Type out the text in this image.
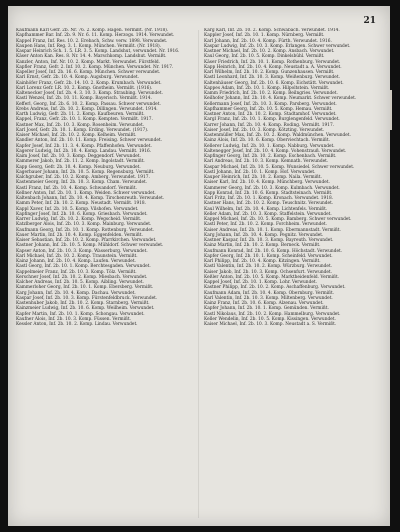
21
Kaufmann Karl Gefr. 2b. Nr. 76. 2. Komp. Hagen. Vermißt. (Nr. 1918).
Kapfhammer Bar. Inf. 2b. 9. Nr. 6. 11. Komp. Herzogs. 1914. Verwundet.
Kappel Franz, Inf. Res. 10. 2. Erebach, Schw. verw. 1898. Verwundet.
Kaupen Hans, Inf. Reg. 3. 1. Komp. München. Vermißt. (Nr. 1918).
Kaspar Heinrich Sch. 1. 5. LR. 3. 5. Komp. Landshut, verwundet. Nr. 1916.
Käser Anton Kan. Res. 8. Nr. 14. 4. Marschkomp. Landshut. Vermißt.
Kanzler, Anton, Inf. Nr. 10. 2. Komp. Markt. Verwundet. Fürstfeld.
Kapfler Franz, Gefr. 2. Inf. 10. 2. Komp. München. Verwundet. Nr. 1917.
Kapeller Josef, Inf. 2b. 16. 6. Komp. München. Schwer verwundet.
Karl Ernst, Gefr. 2b. 10. 4. Komp. Augsburg. Verwundet.
Kainhöfer Franz, Gefr. 2b. 14. 10. 2. Komp. Krumbach. Verwundet.
Karl Lorenz Gefr. LR. 10. 2. Komp. Gnotheim. Vermißt. (1916).
Kaltenecker Josef, Inf. 2b. 4. 3. 10. 3. Komp. Straubing. Verwundet.
Kastl Wenzel, Inf. 2b. 10. 11. Komp. Bayerisch. Vermißt. 1914.
Kefferl, Georg, Inf. 2b. 6. 10. 2. Komp. Passau. Schwer verwundet.
Krebs Andreas, Inf. 2b. 10. 2. Komp. Dillingen. Verwundet. 1914.
Karth Ludwig, Gefr. 2b. 11. 2. Komp. Kaufbeuren. Vermißt.
Kappel, Franz, Gefr. 2b. 10. 1. Komp. Kempten. Vermißt. 1917.
Kastner Max, Inf. 2b. 10. 3. Komp. Rosenheim. Verwundet.
Karl Josef, Gefr. 2b. 10. 1. Komp. Erding. Verwundet. (1917).
Kaiser Michael, Inf. 2b. 10. 2. Komp. Kelheim. Vermißt.
Kandler Anton, Inf. 2b. 10. 11. Komp. Freising. Schwer verwundet.
Kapfer Josef, Inf. 2b. 11. 3. 4. Komp. Pfaffenhofen. Verwundet.
Kagerer Ludwig, Inf. 2b. 10. 4. Komp. Landau. Vermißt. 1916.
Kaim Josef, Inf. 2b. 10. 3. Komp. Deggendorf. Verwundet.
Kammerer Jakob, Inf. 2b. 11. 2. Komp. Ingolstadt. Vermißt.
Kapp Georg, Gefr. 2b. 10. 4. Komp. Neuburg. Verwundet.
Kagerbauer Johann, Inf. 2b. 10. 5. Komp. Regensburg. Vermißt.
Kalchgruber, Inf. 2b. 10. 2. Komp. Amberg. Verwundet. 1917.
Kastenmeier Georg, Inf. 2b. 10. 3. Komp. Cham. Verwundet.
Kastl Franz, Inf. 2b. 10. 4. Komp. Schwandorf. Vermißt.
Kellner Anton, Inf. 2b. 10. 1. Komp. Weiden. Schwer verwundet.
Kaltenbach Johann, Inf. 2b. 10. 4. Komp. Tirschenreuth. Verwundet.
Kamm Peter, Inf. 2b. 10. 2. Komp. Neustadt. Vermißt. 1918.
Kappl Xaver, Inf. 2b. 10. 5. Komp. Vilshofen. Verwundet.
Kapfinger Josef, Inf. 2b. 10. 6. Komp. Griesbach. Verwundet.
Karrer Ludwig, Inf. 2b. 10. 2. Komp. Wegscheid. Vermißt.
Katzlberger Alois, Inf. 2b. 10. 3. Komp. Mainburg. Verwundet.
Kaufmann Georg, Inf. 2b. 10. 1. Komp. Rottenburg. Verwundet.
Kauer Martin, Inf. 2b. 10. 4. Komp. Eggenfelden. Vermißt.
Kaiser Sebastian, Inf. 2b. 10. 2. Komp. Pfarrkirchen. Verwundet.
Kastner Johann, Inf. 2b. 10. 5. Komp. Mühldorf. Schwer verwundet.
Kapser Anton, Inf. 2b. 10. 3. Komp. Wasserburg. Verwundet.
Karl Michael, Inf. 2b. 10. 2. Komp. Traunstein. Vermißt.
Kainz Johann, Inf. 2b. 10. 4. Komp. Laufen. Verwundet.
Kastl Georg, Inf. 2b. 10. 1. Komp. Berchtesgaden. Verwundet.
Kappelmeier Franz, Inf. 2b. 10. 3. Komp. Tölz. Vermißt.
Kerschner Josef, Inf. 2b. 10. 2. Komp. Miesbach. Verwundet.
Kalcher Andreas, Inf. 2b. 10. 5. Komp. Aibling. Verwundet.
Kammerloher Georg, Inf. 2b. 10. 1. Komp. Ebersberg. Vermißt.
Karg Johann, Inf. 2b. 10. 4. Komp. Dachau. Verwundet.
Kaspar Josef, Inf. 2b. 10. 3. Komp. Fürstenfeldbruck. Verwundet.
Kastenhuber Jakob, Inf. 2b. 10. 2. Komp. Starnberg. Vermißt.
Kainzmeier Ludwig, Inf. 2b. 10. 6. Komp. Weilheim. Verwundet.
Kapfer Martin, Inf. 2b. 10. 1. Komp. Schongau. Verwundet.
Kaufner Alois, Inf. 2b. 10. 3. Komp. Füssen. Vermißt.
Kessler Anton, Inf. 2b. 10. 2. Komp. Lindau. Verwundet.
Karg Karl, Inf. 2b. 10. 2. Komp. Schwabach. Verwundet. 1914.
Kappler Josef, Inf. 2b. 10. 1. Komp. Nürnberg. Vermißt.
Karl Johann, Inf. 2b. 10. 4. Komp. Fürth. Verwundet. 1916.
Kaspar Ludwig, Inf. 2b. 10. 3. Komp. Erlangen. Schwer verwundet.
Kastner Michael, Inf. 2b. 10. 2. Komp. Ansbach. Verwundet.
Kaul Georg, Inf. 2b. 10. 5. Komp. Dinkelsbühl. Vermißt.
Käser Friedrich, Inf. 2b. 10. 1. Komp. Rothenburg. Verwundet.
Kapp Heinrich, Inf. 2b. 10. 4. Komp. Neustadt a. A. Verwundet.
Karl Wilhelm, Inf. 2b. 10. 2. Komp. Gunzenhausen. Vermißt.
Kastl Leonhard, Inf. 2b. 10. 3. Komp. Weißenburg. Verwundet.
Kaltenhäuser Georg, Inf. 2b. 10. 6. Komp. Eichstätt. Verwundet.
Kappes Adam, Inf. 2b. 10. 1. Komp. Hilpoltstein. Vermißt.
Kamm Friedrich, Inf. 2b. 10. 2. Komp. Beilngries. Verwundet.
Keilhofer Johann, Inf. 2b. 10. 4. Komp. Neumarkt. Schwer verwundet.
Kellermann Josef, Inf. 2b. 10. 3. Komp. Parsberg. Verwundet.
Kapfhammer Georg, Inf. 2b. 10. 5. Komp. Hemau. Vermißt.
Kastner Anton, Inf. 2b. 10. 2. Komp. Stadtamhof. Verwundet.
Kargl Franz, Inf. 2b. 10. 1. Komp. Burglengenfeld. Verwundet.
Karrer Johann, Inf. 2b. 10. 4. Komp. Roding. Vermißt. 1917.
Kaiser Josef, Inf. 2b. 10. 3. Komp. Kötzting. Verwundet.
Kastenmüller Max, Inf. 2b. 10. 2. Komp. Waldmünchen. Verwundet.
Kainz Alois, Inf. 2b. 10. 6. Komp. Oberviechtach. Vermißt.
Kellerer Ludwig, Inf. 2b. 10. 1. Komp. Nabburg. Verwundet.
Kaltenegger Josef, Inf. 2b. 10. 4. Komp. Vohenstrauß. Verwundet.
Kapfinger Georg, Inf. 2b. 10. 2. Komp. Eschenbach. Vermißt.
Karl Andreas, Inf. 2b. 10. 3. Komp. Kemnath. Verwundet.
Kaspar Michael, Inf. 2b. 10. 5. Komp. Wunsiedel. Schwer verwundet.
Kastl Johann, Inf. 2b. 10. 1. Komp. Hof. Verwundet.
Kauper Heinrich, Inf. 2b. 10. 2. Komp. Naila. Vermißt.
Kaiser Karl, Inf. 2b. 10. 4. Komp. Münchberg. Verwundet.
Kammerer Georg, Inf. 2b. 10. 3. Komp. Kulmbach. Verwundet.
Kapp Konrad, Inf. 2b. 10. 6. Komp. Stadtsteinach. Vermißt.
Karl Fritz, Inf. 2b. 10. 1. Komp. Kronach. Verwundet. 1918.
Kastner Hans, Inf. 2b. 10. 2. Komp. Teuschnitz. Verwundet.
Kaul Wilhelm, Inf. 2b. 10. 4. Komp. Lichtenfels. Vermißt.
Keller Adam, Inf. 2b. 10. 3. Komp. Staffelstein. Verwundet.
Kappel Michael, Inf. 2b. 10. 5. Komp. Bamberg. Schwer verwundet.
Kastl Peter, Inf. 2b. 10. 2. Komp. Forchheim. Verwundet.
Kaiser Andreas, Inf. 2b. 10. 1. Komp. Ebermannstadt. Vermißt.
Karg Johann, Inf. 2b. 10. 4. Komp. Pegnitz. Verwundet.
Kastner Kaspar, Inf. 2b. 10. 3. Komp. Bayreuth. Verwundet.
Kainz Martin, Inf. 2b. 10. 2. Komp. Berneck. Vermißt.
Kaufmann Konrad, Inf. 2b. 10. 6. Komp. Höchstadt. Verwundet.
Kapfer Georg, Inf. 2b. 10. 1. Komp. Scheinfeld. Verwundet.
Karl Philipp, Inf. 2b. 10. 4. Komp. Kitzingen. Vermißt.
Kastl Valentin, Inf. 2b. 10. 2. Komp. Würzburg. Verwundet.
Kaiser Jakob, Inf. 2b. 10. 3. Komp. Ochsenfurt. Verwundet.
Keßler Anton, Inf. 2b. 10. 5. Komp. Marktheidenfeld. Vermißt.
Kappel Josef, Inf. 2b. 10. 1. Komp. Lohr. Verwundet.
Kastner Philipp, Inf. 2b. 10. 2. Komp. Aschaffenburg. Verwundet.
Kaufmann Adam, Inf. 2b. 10. 4. Komp. Obernburg. Vermißt.
Karl Valentin, Inf. 2b. 10. 3. Komp. Miltenberg. Verwundet.
Kainz Franz, Inf. 2b. 10. 6. Komp. Alzenau. Verwundet.
Kapfer Johann, Inf. 2b. 10. 1. Komp. Gemünden. Vermißt.
Kastl Nikolaus, Inf. 2b. 10. 2. Komp. Hammelburg. Verwundet.
Keller Wendelin, Inf. 2b. 10. 5. Komp. Kissingen. Verwundet.
Kaiser Michael, Inf. 2b. 10. 3. Komp. Neustadt a. S. Vermißt.
